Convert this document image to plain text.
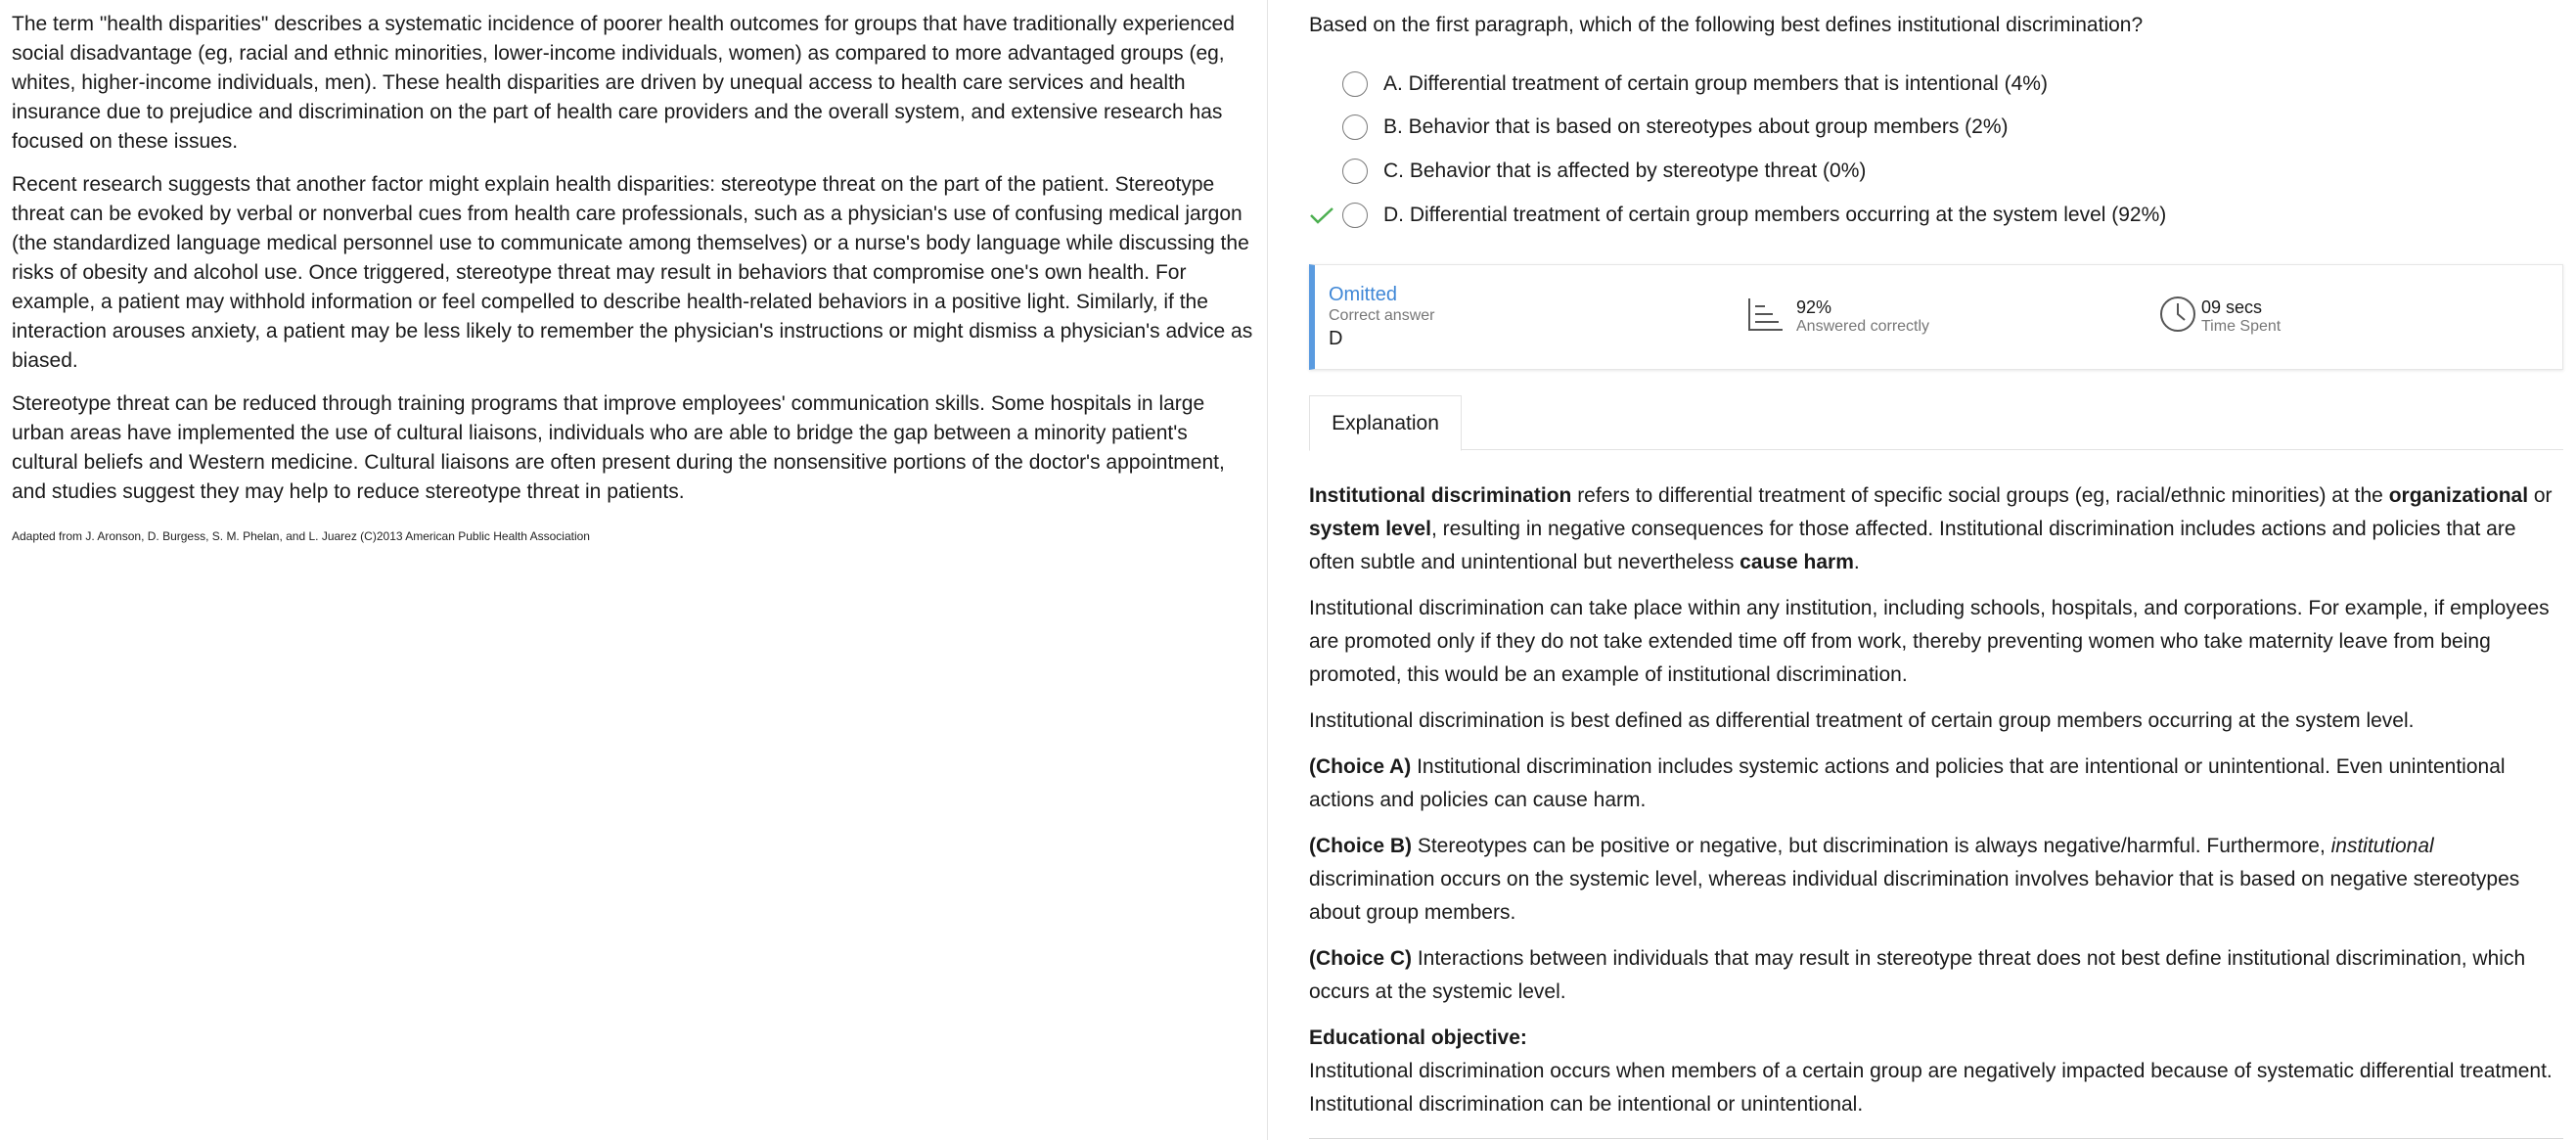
The term "health disparities" describes a systematic incidence of poorer health outcomes for groups that have traditionally experienced social disadvantage (eg, racial and ethnic minorities, lower-income individuals, women) as compared to more advantaged groups (eg, whites, higher-income individuals, men). These health disparities are driven by unequal access to health care services and health insurance due to prejudice and discrimination on the part of health care providers and the overall system, and extensive research has focused on these issues.

Recent research suggests that another factor might explain health disparities: stereotype threat on the part of the patient. Stereotype threat can be evoked by verbal or nonverbal cues from health care professionals, such as a physician's use of confusing medical jargon (the standardized language medical personnel use to communicate among themselves) or a nurse's body language while discussing the risks of obesity and alcohol use. Once triggered, stereotype threat may result in behaviors that compromise one's own health. For example, a patient may withhold information or feel compelled to describe health-related behaviors in a positive light. Similarly, if the interaction arouses anxiety, a patient may be less likely to remember the physician's instructions or might dismiss a physician's advice as biased.

Stereotype threat can be reduced through training programs that improve employees' communication skills. Some hospitals in large urban areas have implemented the use of cultural liaisons, individuals who are able to bridge the gap between a minority patient's cultural beliefs and Western medicine. Cultural liaisons are often present during the nonsensitive portions of the doctor's appointment, and studies suggest they may help to reduce stereotype threat in patients.

Adapted from J. Aronson, D. Burgess, S. M. Phelan, and L. Juarez (C)2013 American Public Health Association

Based on the first paragraph, which of the following best defines institutional discrimination?
A. Differential treatment of certain group members that is intentional (4%)
B. Behavior that is based on stereotypes about group members (2%)
C. Behavior that is affected by stereotype threat (0%)
D. Differential treatment of certain group members occurring at the system level (92%)
Omitted
Correct answer
D
92%
Answered correctly
09 secs
Time Spent
Explanation

Institutional discrimination refers to differential treatment of specific social groups (eg, racial/ethnic minorities) at the organizational or system level, resulting in negative consequences for those affected. Institutional discrimination includes actions and policies that are often subtle and unintentional but nevertheless cause harm.

Institutional discrimination can take place within any institution, including schools, hospitals, and corporations. For example, if employees are promoted only if they do not take extended time off from work, thereby preventing women who take maternity leave from being promoted, this would be an example of institutional discrimination.

Institutional discrimination is best defined as differential treatment of certain group members occurring at the system level.

(Choice A) Institutional discrimination includes systemic actions and policies that are intentional or unintentional. Even unintentional actions and policies can cause harm.

(Choice B) Stereotypes can be positive or negative, but discrimination is always negative/harmful. Furthermore, institutional discrimination occurs on the systemic level, whereas individual discrimination involves behavior that is based on negative stereotypes about group members.

(Choice C) Interactions between individuals that may result in stereotype threat does not best define institutional discrimination, which occurs at the systemic level.

Educational objective:

Institutional discrimination occurs when members of a certain group are negatively impacted because of systematic differential treatment. Institutional discrimination can be intentional or unintentional.
